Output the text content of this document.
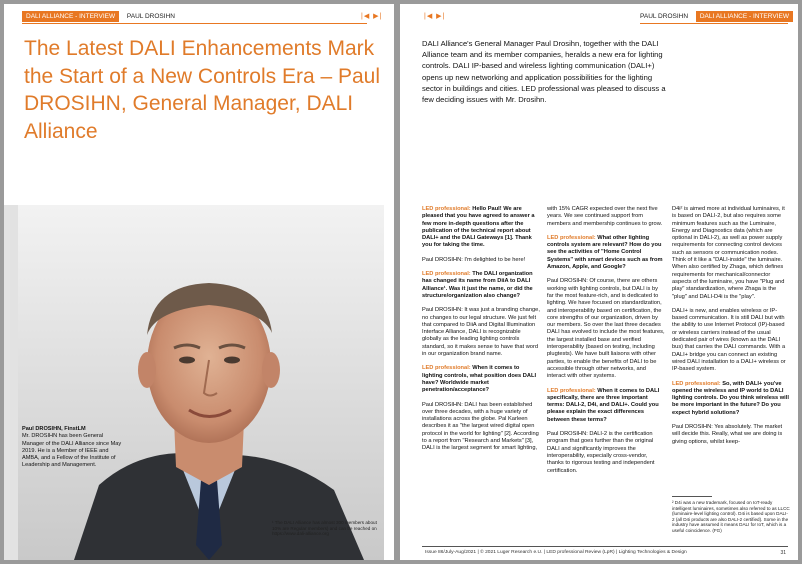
DALI ALLIANCE - INTERVIEW PAUL DROSIHN	|◀ ▶|
The Latest DALI Enhancements Mark the Start of a New Controls Era – Paul DROSIHN, General Manager, DALI Alliance
Paul DROSIHN, FinstLM
Mr. DROSIHN has been General Manager of the DALI Alliance since May 2019. He is a Member of IEEE and AMBA, and a Fellow of the Institute of Leadership and Management.
¹ The DALI Alliance has almost 300 members about 10% are Regular members) and can be reached on https://www.dali-alliance.org
|◀ ▶|	PAUL DROSIHN DALI ALLIANCE - INTERVIEW

DALI Alliance's General Manager Paul Drosihn, together with the DALI Alliance team and its member companies, heralds a new era for lighting controls. DALI IP-based and wireless lighting communication (DALI+) opens up new networking and application possibilities for the lighting sector in buildings and cities. LED professional was pleased to discuss a few deciding issues with Mr. Drosihn.

LED professional: Hello Paul! We are pleased that you have agreed to answer a few more in-depth questions after the publication of the technical report about DALI+ and the DALI Gateways [1]. Thank you for taking the time.

Paul DROSIHN: I'm delighted to be here!

LED professional: The DALI organization has changed its name from DiiA to DALI Alliance¹. Was it just the name, or did the structure/organization also change?

Paul DROSIHN: It was just a branding change, no changes to our legal structure. We just felt that compared to DiiA and Digital Illumination Interface Alliance, DALI is recognizable globally as the leading lighting controls standard, so it makes sense to have that word in our organization brand name.

LED professional: When it comes to lighting controls, what position does DALI have? Worldwide market penetration/acceptance?

Paul DROSIHN: DALI has been established over three decades, with a huge variety of installations across the globe. Pal Karleen describes it as "the largest wired digital open protocol in the world for lighting" [2]. According to a report from "Research and Markets" [3], DALI is the largest segment for smart lighting,

with 15% CAGR expected over the next five years. We see continued support from members and membership continues to grow.

LED professional: What other lighting controls system are relevant? How do you see the activities of "Home Control Systems" with smart devices such as from Amazon, Apple, and Google?

Paul DROSIHN: Of course, there are others working with lighting controls, but DALI is by far the most feature-rich, and is dedicated to lighting. We have focused on standardization, and interoperability based on certification, the core strengths of our organization, driven by our members. So over the last three decades DALI has evolved to include the most features, the largest installed base and verified interoperability (based on testing, including plugtests). We have built liaisons with other parties, to enable the benefits of DALI to be accessible through other networks, and interact with other systems.

LED professional: When it comes to DALI specifically, there are three important terms: DALI-2, D4i, and DALI+. Could you please explain the exact differences between these terms?

Paul DROSIHN: DALI-2 is the certification program that goes further than the original DALI and significantly improves the interoperability, especially cross-vendor, thanks to rigorous testing and independent certification.

D4i² is aimed more at individual luminaires, it is based on DALI-2, but also requires some minimum features such as the Luminaire, Energy and Diagnostics data (which are optional in DALI-2), as well as power supply requirements for connecting control devices such as sensors or communication nodes. Think of it like a "DALI-inside" the luminaire. When also certified by Zhaga, which defines requirements for mechanical/connector aspects of the luminaire, you have "Plug and play" standardization, where Zhaga is the "plug" and DALI-D4i is the "play".

DALI+ is new, and enables wireless or IP-based communication. It is still DALI but with the ability to use Internet Protocol (IP)-based or wireless carriers instead of the usual dedicated pair of wires (known as the DALI bus) that carries the DALI commands. With a DALI+ bridge you can connect an existing wired DALI installation to a DALI+ wireless or IP-based system.

LED professional: So, with DALI+ you've opened the wireless and IP world to DALI lighting controls. Do you think wireless will be more important in the future? Do you expect hybrid solutions?

Paul DROSIHN: Yes absolutely. The market will decide this. Really, what we are doing is giving options, whilst keep-

² D4i was a new trademark, focused on IoT-ready intelligent luminaires, sometimes also referred to as LLCC (luminaire-level lighting control). D4i is based upon DALI-2 (all D4i products are also DALI-2 certified). Some in the industry have assumed it means DALI for IoT, which is a useful coincidence. (FG)
Issue 86/July-Aug/2021 | © 2021 Luger Research e.U. | LED professional Review (LpR) | Lighting Technologies & Design	31
